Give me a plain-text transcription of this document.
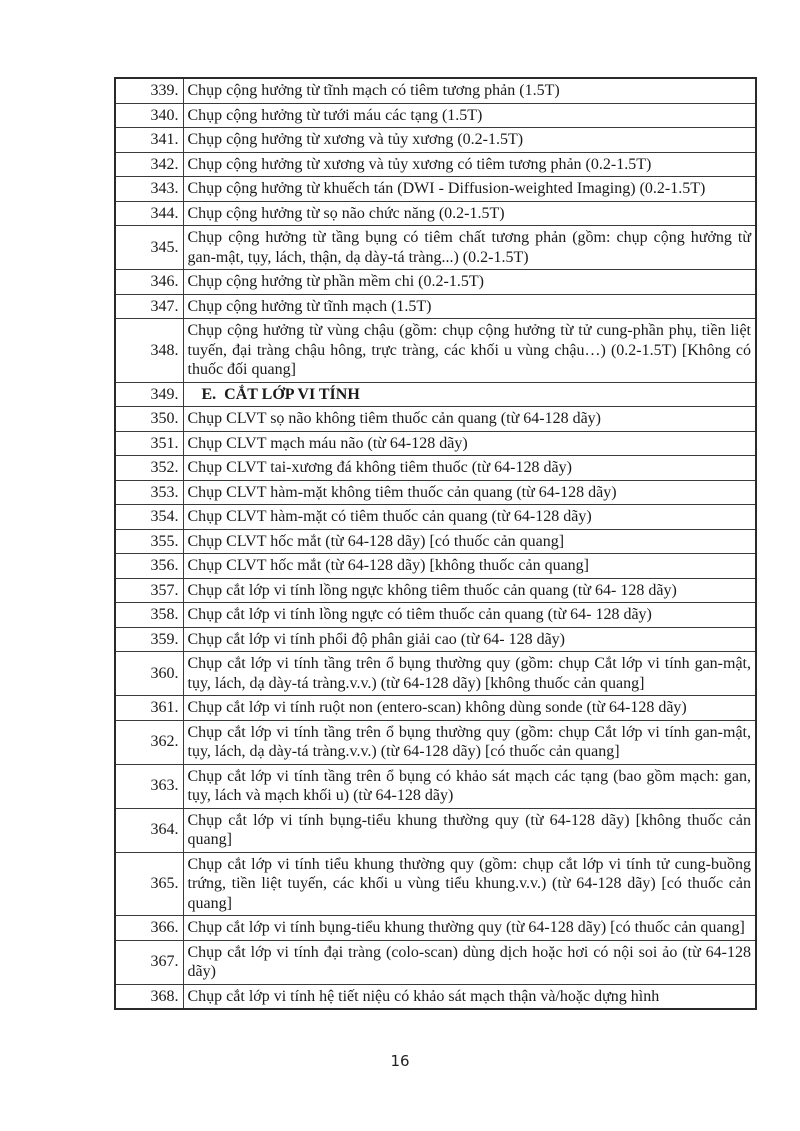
339.	Chụp cộng hưởng từ tĩnh mạch có tiêm tương phản (1.5T)
340.	Chụp cộng hưởng từ tưới máu các tạng (1.5T)
341.	Chụp cộng hưởng từ xương và tủy xương (0.2-1.5T)
342.	Chụp cộng hưởng từ xương và tủy xương có tiêm tương phản (0.2-1.5T)
343.	Chụp cộng hưởng từ khuếch tán (DWI - Diffusion-weighted Imaging) (0.2-1.5T)
344.	Chụp cộng hưởng từ sọ não chức năng (0.2-1.5T)
345.	Chụp cộng hưởng từ tầng bụng có tiêm chất tương phản (gồm: chụp cộng hưởng từ gan-mật, tụy, lách, thận, dạ dày-tá tràng...) (0.2-1.5T)
346.	Chụp cộng hưởng từ phần mềm chi (0.2-1.5T)
347.	Chụp cộng hưởng từ tĩnh mạch (1.5T)
348.	Chụp cộng hưởng từ vùng chậu (gồm: chụp cộng hưởng từ tử cung-phần phụ, tiền liệt tuyến, đại tràng chậu hông, trực tràng, các khối u vùng chậu…) (0.2-1.5T) [Không có thuốc đối quang]
349.	E.  CẮT LỚP VI TÍNH
350.	Chụp CLVT sọ não không tiêm thuốc cản quang (từ 64-128 dãy)
351.	Chụp CLVT mạch máu não (từ 64-128 dãy)
352.	Chụp CLVT tai-xương đá không tiêm thuốc (từ 64-128 dãy)
353.	Chụp CLVT hàm-mặt không tiêm thuốc cản quang (từ 64-128 dãy)
354.	Chụp CLVT hàm-mặt có tiêm thuốc cản quang (từ 64-128 dãy)
355.	Chụp CLVT hốc mắt (từ 64-128 dãy) [có thuốc cản quang]
356.	Chụp CLVT hốc mắt (từ 64-128 dãy) [không thuốc cản quang]
357.	Chụp cắt lớp vi tính lồng ngực không tiêm thuốc cản quang (từ 64- 128 dãy)
358.	Chụp cắt lớp vi tính lồng ngực có tiêm thuốc cản quang (từ 64- 128 dãy)
359.	Chụp cắt lớp vi tính phổi độ phân giải cao (từ 64- 128 dãy)
360.	Chụp cắt lớp vi tính tầng trên ổ bụng thường quy (gồm: chụp Cắt lớp vi tính gan-mật, tụy, lách, dạ dày-tá tràng.v.v.) (từ 64-128 dãy) [không thuốc cản quang]
361.	Chụp cắt lớp vi tính ruột non (entero-scan) không dùng sonde (từ 64-128 dãy)
362.	Chụp cắt lớp vi tính tầng trên ổ bụng thường quy (gồm: chụp Cắt lớp vi tính gan-mật, tụy, lách, dạ dày-tá tràng.v.v.) (từ 64-128 dãy) [có thuốc cản quang]
363.	Chụp cắt lớp vi tính tầng trên ổ bụng có khảo sát mạch các tạng (bao gồm mạch: gan, tụy, lách và mạch khối u) (từ 64-128 dãy)
364.	Chụp cắt lớp vi tính bụng-tiểu khung thường quy (từ 64-128 dãy) [không thuốc cản quang]
365.	Chụp cắt lớp vi tính tiểu khung thường quy (gồm: chụp cắt lớp vi tính tử cung-buồng trứng, tiền liệt tuyến, các khối u vùng tiểu khung.v.v.) (từ 64-128 dãy) [có thuốc cản quang]
366.	Chụp cắt lớp vi tính bụng-tiểu khung thường quy (từ 64-128 dãy) [có thuốc cản quang]
367.	Chụp cắt lớp vi tính đại tràng (colo-scan) dùng dịch hoặc hơi có nội soi ảo (từ 64-128 dãy)
368.	Chụp cắt lớp vi tính hệ tiết niệu có khảo sát mạch thận và/hoặc dựng hình
16
